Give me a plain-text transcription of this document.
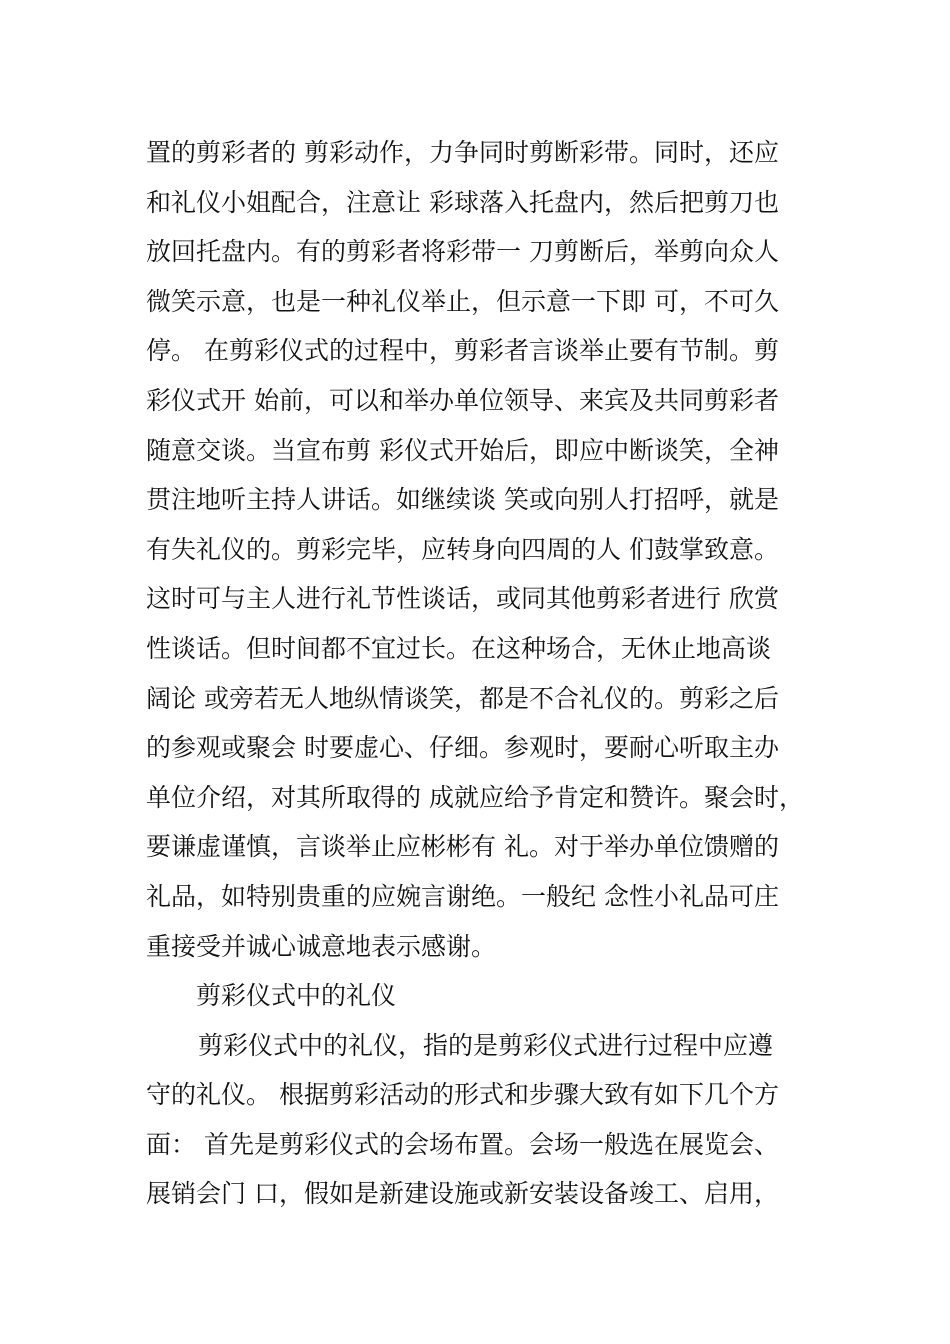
置的剪彩者的 剪彩动作，力争同时剪断彩带。同时，还应
和礼仪小姐配合，注意让 彩球落入托盘内，然后把剪刀也
放回托盘内。有的剪彩者将彩带一 刀剪断后，举剪向众人
微笑示意，也是一种礼仪举止，但示意一下即 可，不可久
停。 在剪彩仪式的过程中，剪彩者言谈举止要有节制。剪
彩仪式开 始前，可以和举办单位领导、来宾及共同剪彩者
随意交谈。当宣布剪 彩仪式开始后，即应中断谈笑，全神
贯注地听主持人讲话。如继续谈 笑或向别人打招呼，就是
有失礼仪的。剪彩完毕，应转身向四周的人 们鼓掌致意。
这时可与主人进行礼节性谈话，或同其他剪彩者进行 欣赏
性谈话。但时间都不宜过长。在这种场合，无休止地高谈
阔论 或旁若无人地纵情谈笑，都是不合礼仪的。剪彩之后
的参观或聚会 时要虚心、仔细。参观时，要耐心听取主办
单位介绍，对其所取得的 成就应给予肯定和赞许。聚会时，
要谦虚谨慎，言谈举止应彬彬有 礼。对于举办单位馈赠的
礼品，如特别贵重的应婉言谢绝。一般纪 念性小礼品可庄
重接受并诚心诚意地表示感谢。
剪彩仪式中的礼仪
剪彩仪式中的礼仪，指的是剪彩仪式进行过程中应遵
守的礼仪。 根据剪彩活动的形式和步骤大致有如下几个方
面： 首先是剪彩仪式的会场布置。会场一般选在展览会、
展销会门 口，假如是新建设施或新安装设备竣工、启用，
